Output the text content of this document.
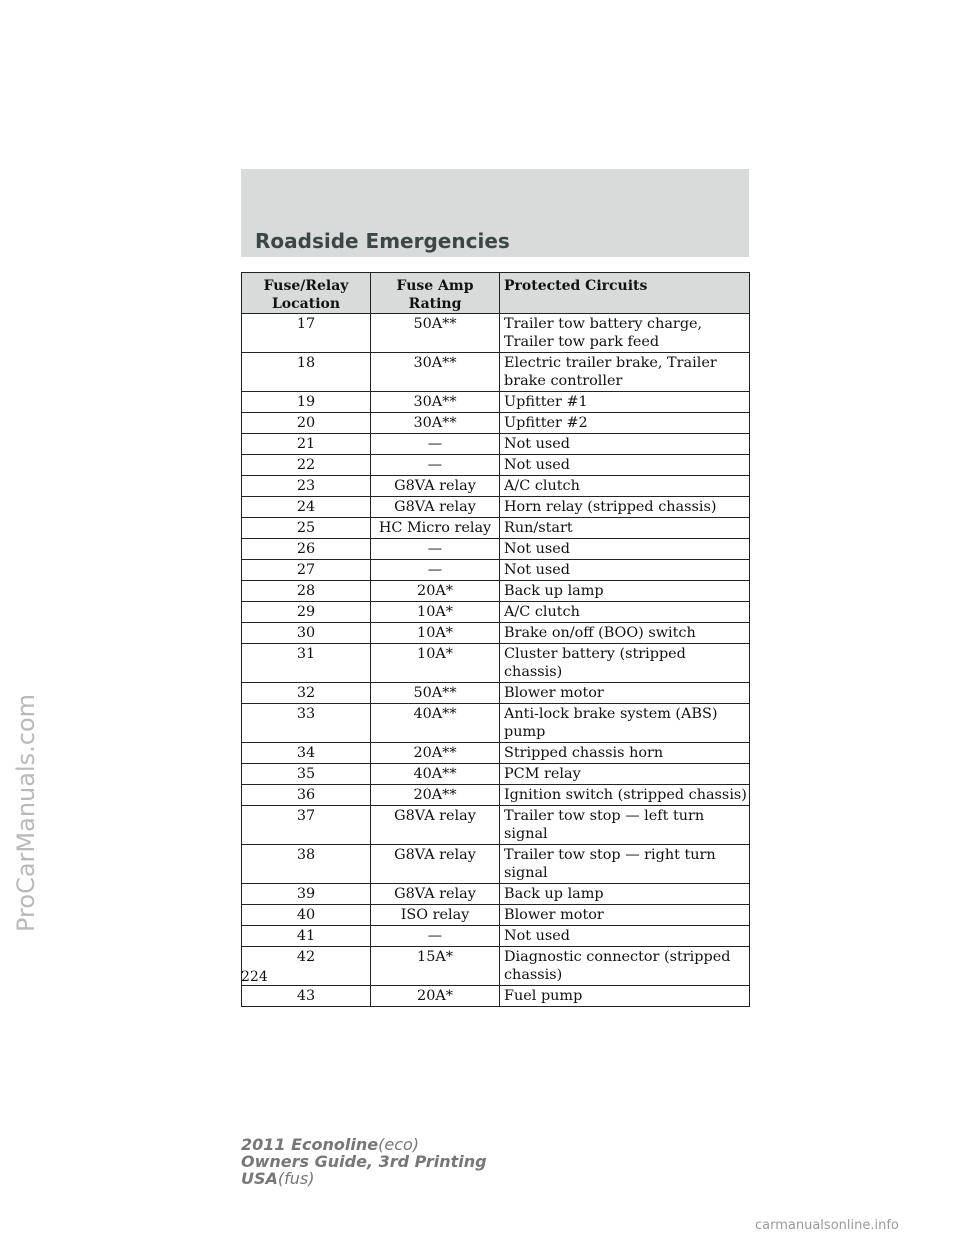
Roadside Emergencies
Fuse/Relay Location	Fuse Amp Rating	Protected Circuits
17	50A**	Trailer tow battery charge, Trailer tow park feed
18	30A**	Electric trailer brake, Trailer brake controller
19	30A**	Upfitter #1
20	30A**	Upfitter #2
21	—	Not used
22	—	Not used
23	G8VA relay	A/C clutch
24	G8VA relay	Horn relay (stripped chassis)
25	HC Micro relay	Run/start
26	—	Not used
27	—	Not used
28	20A*	Back up lamp
29	10A*	A/C clutch
30	10A*	Brake on/off (BOO) switch
31	10A*	Cluster battery (stripped chassis)
32	50A**	Blower motor
33	40A**	Anti-lock brake system (ABS) pump
34	20A**	Stripped chassis horn
35	40A**	PCM relay
36	20A**	Ignition switch (stripped chassis)
37	G8VA relay	Trailer tow stop — left turn signal
38	G8VA relay	Trailer tow stop — right turn signal
39	G8VA relay	Back up lamp
40	ISO relay	Blower motor
41	—	Not used
42	15A*	Diagnostic connector (stripped chassis)
43	20A*	Fuel pump
224
2011 Econoline(eco)
Owners Guide, 3rd Printing
USA(fus)
ProCarManuals.com
carmanualsonline.info
